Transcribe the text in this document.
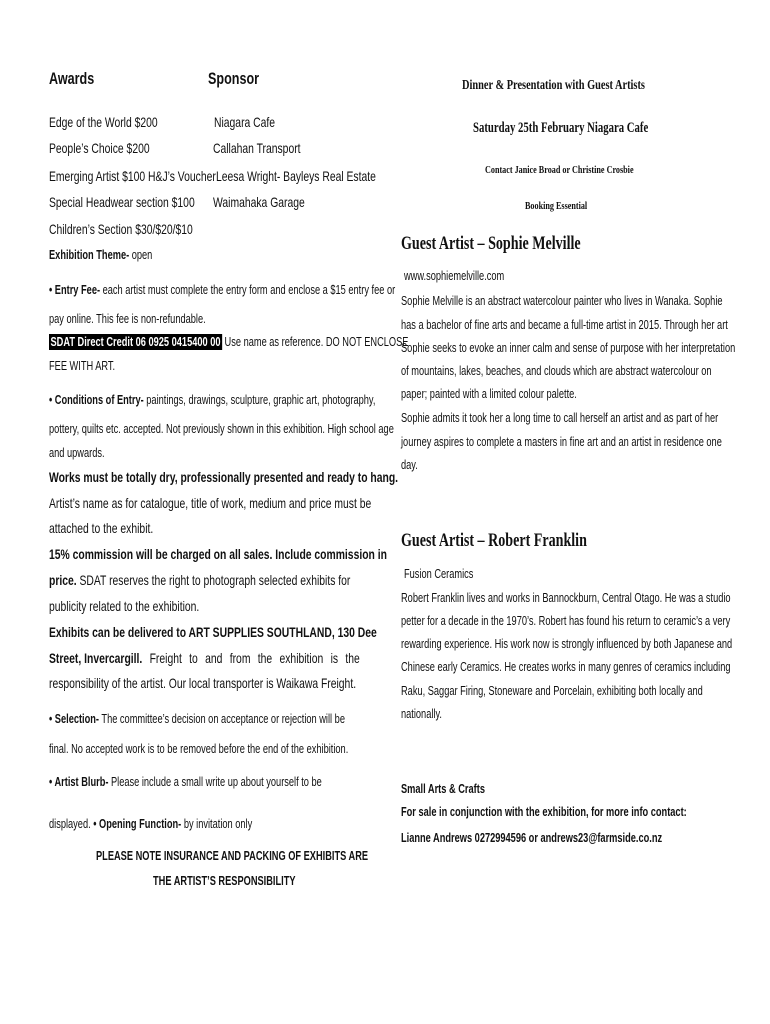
Awards	Sponsor
Edge of the World $200
People’s Choice $200
Emerging Artist $100 H&J’s Voucher
Special Headwear section $100
Children’s Section $30/$20/$10
Niagara Cafe
Callahan Transport
Leesa Wright- Bayleys Real Estate
Waimahaka Garage
Exhibition Theme- open
• Entry Fee- each artist must complete the entry form and enclose a $15 entry fee or
pay online. This fee is non-refundable.
SDAT Direct Credit 06 0925 0415400 00 Use name as reference. DO NOT ENCLOSE
FEE WITH ART.
• Conditions of Entry- paintings, drawings, sculpture, graphic art, photography,
pottery, quilts etc. accepted. Not previously shown in this exhibition. High school age
and upwards.
Works must be totally dry, professionally presented and ready to hang.
Artist’s name as for catalogue, title of work, medium and price must be
attached to the exhibit.
15% commission will be charged on all sales. Include commission in
price. SDAT reserves the right to photograph selected exhibits for
publicity related to the exhibition.
Exhibits can be delivered to ART SUPPLIES SOUTHLAND, 130 Dee
Street, Invercargill. Freight to and from the exhibition is the
responsibility of the artist. Our local transporter is Waikawa Freight.
• Selection- The committee’s decision on acceptance or rejection will be
final. No accepted work is to be removed before the end of the exhibition.
• Artist Blurb- Please include a small write up about yourself to be
displayed. • Opening Function- by invitation only
PLEASE NOTE INSURANCE AND PACKING OF EXHIBITS ARE
THE ARTIST’S RESPONSIBILITY
Dinner & Presentation with Guest Artists
Saturday 25th February Niagara Cafe
Contact Janice Broad or Christine Crosbie
Booking Essential
Guest Artist – Sophie Melville
www.sophiemelville.com
Sophie Melville is an abstract watercolour painter who lives in Wanaka. Sophie
has a bachelor of fine arts and became a full-time artist in 2015. Through her art
Sophie seeks to evoke an inner calm and sense of purpose with her interpretation
of mountains, lakes, beaches, and clouds which are abstract watercolour on
paper; painted with a limited colour palette.
Sophie admits it took her a long time to call herself an artist and as part of her
journey aspires to complete a masters in fine art and an artist in residence one
day.
Guest Artist – Robert Franklin
Fusion Ceramics
Robert Franklin lives and works in Bannockburn, Central Otago. He was a studio
petter for a decade in the 1970’s. Robert has found his return to ceramic’s a very
rewarding experience. His work now is strongly influenced by both Japanese and
Chinese early Ceramics. He creates works in many genres of ceramics including
Raku, Saggar Firing, Stoneware and Porcelain, exhibiting both locally and
nationally.
Small Arts & Crafts
For sale in conjunction with the exhibition, for more info contact:
Lianne Andrews 0272994596 or andrews23@farmside.co.nz
